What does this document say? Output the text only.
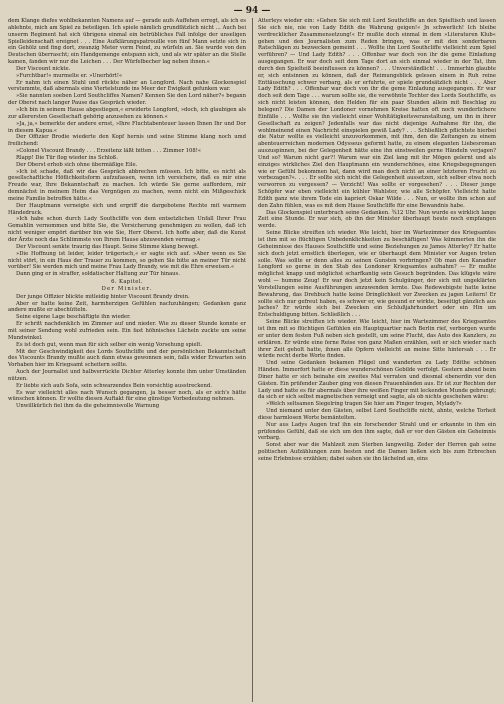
— 94 —

dem Klange diefes wohlbekannten Namens auf — gerade aufs Auffehen erregt, als ich es ablehnte, mich am Spiel zu beteiligen. Ich spiele nämlich grundfätzlich nicht ... Auch bei unserm Regiment hat sich übrigens einmal ein betrübliches Fall infolge der unseligen Spielleidenschaft ereignet . . . Eine Aufklärungspatrouille von fünf Mann setzte sich in ein Gehölz und fing dort, zwanzig Meter vorm Feind, zu würfeln an. Sie wurde von den Deutschen überrascht; ein Handgemenge entspann sich, und als wir später an die Stelle kamen, fanden wir nur die Leichen . . . Der Würfelbecher lag neben ihnen.«

Der Viscount nickte.

»Furchtbar!« murmelte er. »Unerhört!«

Er nahm ich einen Stuhl und rückte näher an Longford. Nach nahe Glockenspiel verstummte, daß abermals eine Viertelstunde ins Meer der Ewigkeit gefunken war.

»Sie nannten soeben Lord Southcliffes Namen? Kennen Sie den Lord näher?« begann der Oberst nach langer Pause das Gespräch wieder.

»Ich bin in seinem Hause abgestiegen,« erwiderte Longford, »doch, ich glaubigen als zur allerersten Gesellschaft gehörig anzusehen zu können.«

»Ja, ja,« bemerkte der andere ernst, »Ihre Fluchtabenteuer lassen Ihnen Ihr und Dor in diesem Kapua.«

Der Offizier Brodie wiederte den Kopf hernis und seine Stimme klang noch umd freilichend:

»Colonel Viscount Brandy . . . Erzeitenz läßt bitten . . . Zimmer 108!«

Rlapp! Die Tür flog wieder ins Schloß.

Der Oberst erhob sich ohne übermäßige Eile.

»Ich ist schade, daß wir das Gespräch abbrechen müssen. Ich bitte, es nicht als gesellschaftliche Höflichkeitsform aufzufassen, wenn ich versichere, daß es mir eine Freude war, Ihre Bekanntschaft zu machen. Ich würde Sie gerne auffordern, mir demnächst in meinem Heim das Vergnügen zu machen, wenn nicht ein Mißgeschick meine Familie betroffen hätte.«

Der Hauptmann verneigte sich und ergriff die dargebotene Rechte mit warmem Händedruck.

»Ich habe schon durch Lady Southcliffe von dem entsetzlichen Unfall Ihrer Frau Gemahlin vernommen und bitte Sie, die Versicherung genehmigen zu wollen, daß ich nicht weniger empört darüber bin wie Sie, Herr Oberst. Ich hoffe aber, daß die Kunst der Ärzte noch das Schlimmste von Ihrem Hause abzuwenden vermag.«

Der Viscount senkte traurig das Haupt. Seine Stimme klang bewegt.

»Die Hoffnung ist leider, leider trügerisch,« er sagte sich auf. »Aber wenn es Sie nicht stört, in ein Haus der Trauer zu kommen, so gehen Sie bitte an meiner Tür nicht vorüber! Sie werden mich und meine Frau Lady Brandy, wie mit die Ehre erweisen.«

Dann ging er in straffer, soldatischer Haltung zur Tür hinaus.

6. Kapitel.

Der Minister.

Der junge Offizier blickte mitleidig hinter Viscount Brandy drein.

Aber er hatte keine Zeit, harmherzigen Gefühlen nachzuhängen; Gedanken ganz andere mußte er abschütteln.

Seine eigene Lage beschäftigte ihn wieder.

Er schritt nachdenklich im Zimmer auf und nieder. Wie zu dieser Stunde konnte er mit seiner Sendung wohl zufrieden sein. Ein fast höhnisches Lächeln zuckte um seine Mundwinkel.

Es ist doch gut, wenn man für sich selber ein wenig Vorsehung spielt.

Mit der Geschwindigkeit des Lords Southcliffe und der persönlichen Bekanntschaft des Viscounts Brandy mußte auch dann etwas gewonnen sein, falls wider Erwarten sein Vorhaben hier im Kriegsamt scheitern sollte.

Auch der Journalist und halbverrückte Dichter Atterley konnte ihm unter Umständen nützen.

Er liebte sich aufs Sofa, sein schwarzendes Bein vorsichtig ausstreckend.

Es war vielleicht alles nach Wunsch gegangen, ja besser noch, als er sich's hätte wünschen können. Er wollte diesen Auftakt für eine günstige Vorbedeutung nehmen.

Unwillkürlich fiel ihm da die geheimnisvolle Warnung

Atterleys wieder ein: »Gehen Sie sich mit Lord Southcliffe an den Spieltisch und lassen Sie sich nie, nie von Lady Edith die Wahrung geigen!« Jn schwerlich! Ich bleibe verdrecklicher Zusammensetzung!« Er mußte doch einmal in dem »Literaturen Klub« gehen und den Journalisten zum Reden bringen, was er mit den sonderbaren Ratschlägen zu bezwecken gemeint . . . Wollte ihn Lord Southcliffe vielleicht zum Spiel verführen? — Und Lady Edith? . . . Offenbar war doch von ihr die geme Einladung ausgegangen. Er war doch seit dem Tage dort an sich einmal wieder in der Tat, ihm durch den Spielteiß beeinflussen zu können? . . . Unverständlich! . . . Immerhin glaubte er, sich entsinnen zu können, daß der Reimungsblick gelesen einem in Ruh reine Enttäuschung schwer verbarg, als er erfuhrte, er spiele grundsätzlich nicht . . . Aber Lady Edith? . . . Offenbar war doch von ihr die geme Einladung ausgegangen. Er war doch seit dem Tage . . . warum sollte sie, die verwöhnte Tochter des Lords Southcliffe, es sich nicht leisten können, den Helden für ein paar Stunden allein mit Beschlag zu belegen? Die Damen der Londoner vornehmen Kreise hatten oft noch wunderlichere Einfälle . . . Wollte sie ihn vielleicht einer Wohltätigkeitsveranstaltung, um ihn in ihrer Gesellschaft zu zeigen? Jedenfalls war das nicht diejenige Aufnahme für ihn, die wohlmeinend einen Nachricht einspielen gewiß Lady? . . . Schließlich pflichtete hierbei die Natur wollte es vielleicht unzuvorkommen, mit ihm, den die Zeitungen zu einem abenteuerreichen modernen Odysseus geformt hatte, zu einem eleganten Liebesroman auszuspinnen, bei der Gelegenheit hätte eine ihn einstweilen gerne Händeln verjagen? Und so? Warum nicht gar?! Warum war ein Ziel lang mit ihr Mögen gelernt und als einziges wirkliches Ziel den Hauptmann ein wunderschönes, eine Kriegsbegegnungen wie er Gefühl bekommen hat, dann wird man doch nicht an einer letzteren Frucht zu vorbezagen?«. . . . Er sollte sich nicht die Gelegenheit aussetzen, sich selber etwa noch verworren zu vergessen? — Verzicht! Was sollte er vorgesehen? . . . Dieser junge Schöpfer war eben vielleicht ein kühler Wahlster, wie alle Schöpfer. Vielleicht hatte Edith ganz wie ihrem Tode ein kapriert Oskar Wilde . . . Nun, er wollte ihm schon auf den Zahn fühlen, was es mit dem Hause Southcliffe für eine Bewandnis habe.

Das Glockenspiel unterbrach seine Gedanken. ¾12 Uhr. Nun wurde es wirklich lange Zeit eine Stunde. Er war sich, ob ihn der Minister überhaupt heute noch empfangen werde.

Seine Blicke streiften ich wieder. Wie leicht, hier im Wartezimmer des Kriegsamtes ist ihm mit so flüchtigen Unbedenklichkeiten zu beschäftigen! Was kümmerten ihn die Geheimnisse des Hauses Southcliffe und seine Beziehungen zu James Atterley? Er hatte sich doch jetzt ernstlich überlegen, wie er überhaupt dem Minister vor Augen treten solle. Was sollte er denn alles zu seinen Gunsten vorbringen? Ob man den Kanadier Longford so gerne in den Stab des Londoner Kriegsamtes aufnahm? — Er mußte möglichst knapp und möglichst scharfkantig sein Gesuch begründen. Das klügste wäre wohl — humme Zeug! Er war doch jetzt kein Schulgünger, der sich mit ungeklärten Vorstellungen seine Ausführungen anzuwenden lernte. Das Redewebigste hatte keine Bewahrung, das Drehbuch hatte keine Dringlichkeit vor Zwecken zu jagen Leitern! Er sollte sich nur gefreut haben, es schwer er, wie gesund er wirkte, beseitigt gänzlich aus Jaches? Er würde sich bei Zwecken ein Schlußjahrhundert oder ein Hin um Entschuldigung bitten. Schließlich . . .

Seine Blicke streiften ich wieder. Wie leicht, hier im Wartezimmer des Kriegsamtes ist ihm mit so flüchtigen Gefühlen ein Hauptquartier nach Berlin rief, verborgen wurde er unter dem festen Fuß neben sich gestellt, um seine Flucht, das Auto des Kanzlers, zu erklären. Er würde eine ferne Reise von ganz Maßen erzählen, seit er sich wieder nach ihrer Zeit geholt hatte, ihnen alle Opfern vielleicht an meine Sitte hintersah . . . Er würde recht derbe Worte finden.

Und seine Gedanken bekamen Flügel und wanderten zu Lady Edithe schönen Händen. Immerfort hatte er diese wunderschönen Gebilde verfolgt. Gestern abend beim Diner hatte er sich beinahe ein zweites Mal verraten und diesmal ebenerdin vor den Gästen. Ein prüfender Zauber ging von diesen Frauenhänden aus. Er ist zur Rechten der Lady und hatte es für abermals über ihre weißen Finger mit leckenden Munde gebrungt; da sich er sich selbst magnetischen verneigt und sagte, als ob nichts geschehen wäre:

»Welch seltsamen Siegelring tragen Sie hier am Finger trogen, Mylady?«

Und niemand unter den Gästen, selbst Lord Southcliffe nicht, ahnte, welche Torheit diese harmlosen Worte bemäntelten.

Nur aus Ladys Augen traf ihn ein forschender Strahl und er erkannte in ihm ein prüfendes Gefühl, daß sie sich um den ihm sagte, daß er vor den Gästen ein Geheimnis verbarg.

Sonst aber war die Mahlzeit zum Sterben langweilig. Zeder der Herren gab seine politischen Aufzählungen zum besten und die Damen ließen sich bis zum Erbrechen seine Erlebnisse erzählen; dabei sahen sie ihn lächelnd an, eins
